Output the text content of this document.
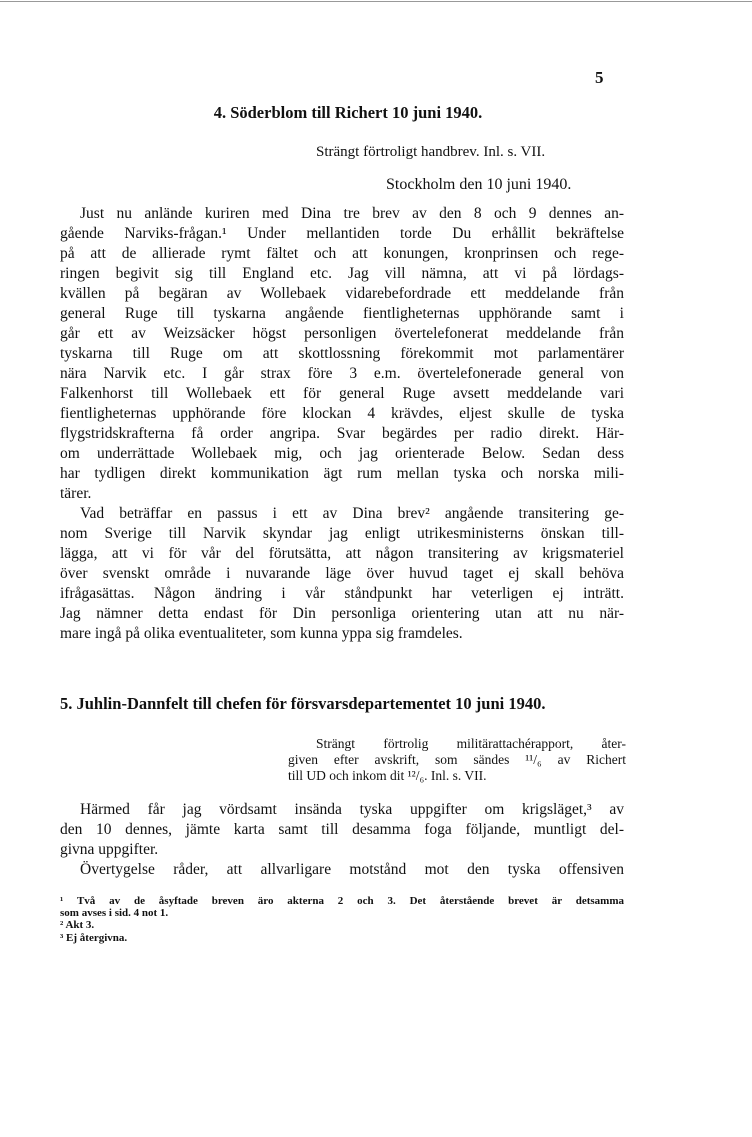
5
4. Söderblom till Richert 10 juni 1940.
Strängt förtroligt handbrev. Inl. s. VII.
Stockholm den 10 juni 1940.
Just nu anlände kuriren med Dina tre brev av den 8 och 9 dennes an-
gående Narviks-frågan.¹ Under mellantiden torde Du erhållit bekräftelse
på att de allierade rymt fältet och att konungen, kronprinsen och rege-
ringen begivit sig till England etc. Jag vill nämna, att vi på lördags-
kvällen på begäran av Wollebaek vidarebefordrade ett meddelande från
general Ruge till tyskarna angående fientligheternas upphörande samt i
går ett av Weizsäcker högst personligen övertelefonerat meddelande från
tyskarna till Ruge om att skottlossning förekommit mot parlamentärer
nära Narvik etc. I går strax före 3 e.m. övertelefonerade general von
Falkenhorst till Wollebaek ett för general Ruge avsett meddelande vari
fientligheternas upphörande före klockan 4 krävdes, eljest skulle de tyska
flygstridskrafterna få order angripa. Svar begärdes per radio direkt. Här-
om underrättade Wollebaek mig, och jag orienterade Below. Sedan dess
har tydligen direkt kommunikation ägt rum mellan tyska och norska mili-
tärer.
Vad beträffar en passus i ett av Dina brev² angående transitering ge-
nom Sverige till Narvik skyndar jag enligt utrikesministerns önskan till-
lägga, att vi för vår del förutsätta, att någon transitering av krigsmateriel
över svenskt område i nuvarande läge över huvud taget ej skall behöva
ifrågasättas. Någon ändring i vår ståndpunkt har veterligen ej inträtt.
Jag nämner detta endast för Din personliga orientering utan att nu när-
mare ingå på olika eventualiteter, som kunna yppa sig framdeles.
5. Juhlin-Dannfelt till chefen för försvarsdepartementet 10 juni 1940.
Strängt förtrolig militärattachérapport, åter-
given efter avskrift, som sändes ¹¹/₆ av Richert
till UD och inkom dit ¹²/₆. Inl. s. VII.
Härmed får jag vördsamt insända tyska uppgifter om krigsläget,³ av
den 10 dennes, jämte karta samt till desamma foga följande, muntligt del-
givna uppgifter.
Övertygelse råder, att allvarligare motstånd mot den tyska offensiven
¹ Två av de åsyftade breven äro akterna 2 och 3. Det återstående brevet är detsamma
som avses i sid. 4 not 1.
² Akt 3.
³ Ej återgivna.
